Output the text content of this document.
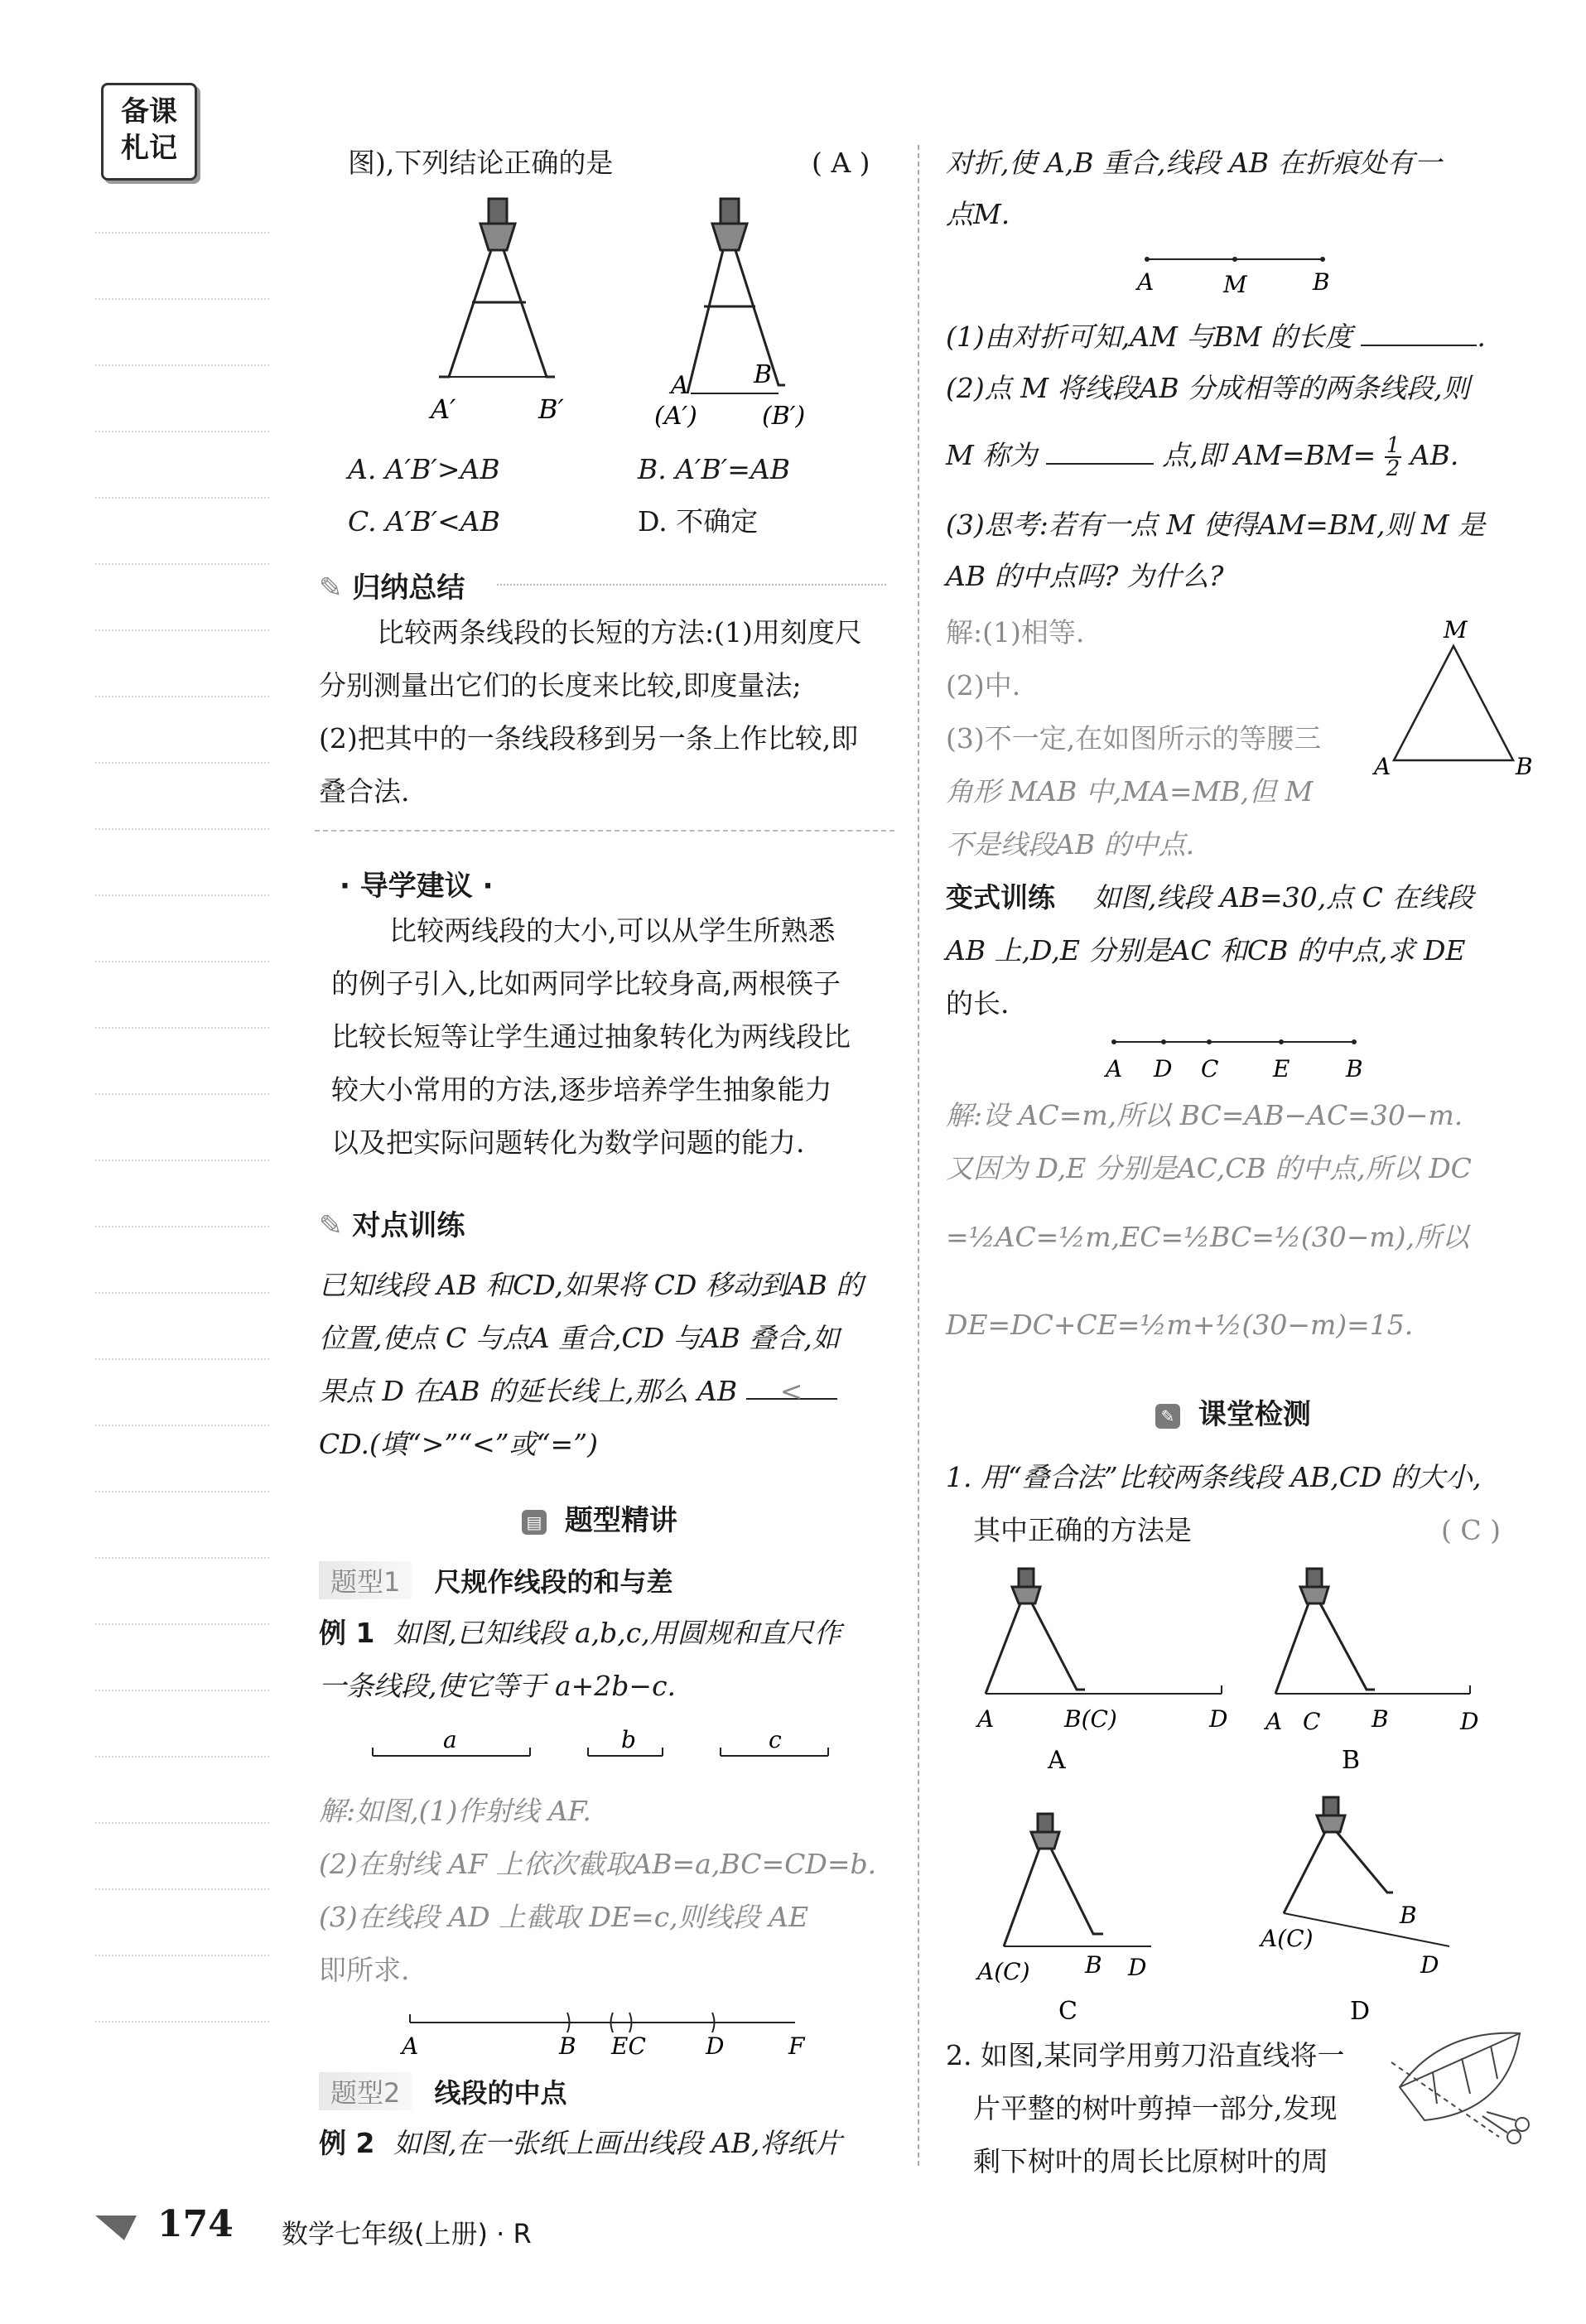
备课札记	图),下列结论正确的是	( A )
A′	B′
A	B
(A′)	(B′)
A. A′B′>AB	B. A′B′=AB
C. A′B′<AB	D. 不确定
✎ 归纳总结
比较两条线段的长短的方法:(1)用刻度尺
分别测量出它们的长度来比较,即度量法;
(2)把其中的一条线段移到另一条上作比较,即
叠合法.
· 导学建议 ·
比较两线段的大小,可以从学生所熟悉
的例子引入,比如两同学比较身高,两根筷子
比较长短等让学生通过抽象转化为两线段比
较大小常用的方法,逐步培养学生抽象能力
以及把实际问题转化为数学问题的能力.
✎ 对点训练
已知线段 AB 和CD,如果将 CD 移动到AB 的
位置,使点 C 与点A 重合,CD 与AB 叠合,如
果点 D 在AB 的延长线上,那么 AB <
CD.(填“>”“<”或“=”)
▤ 题型精讲
题型1 尺规作线段的和与差
例 1 如图,已知线段 a,b,c,用圆规和直尺作
一条线段,使它等于 a+2b−c.
a	b	c
解:如图,(1)作射线 AF.
(2)在射线 AF 上依次截取AB=a,BC=CD=b.
(3)在线段 AD 上截取 DE=c,则线段 AE
即所求.
A	B EC	D	F
题型2 线段的中点
例 2 如图,在一张纸上画出线段 AB,将纸片
对折,使 A,B 重合,线段 AB 在折痕处有一
点M.
A	M	B
(1)由对折可知,AM 与BM 的长度	.
(2)点 M 将线段AB 分成相等的两条线段,则
M 称为	点,即 $AM=BM= \frac{1}{2}$ AB.
(3)思考:若有一点 M 使得AM=BM,则 M 是
AB 的中点吗? 为什么?
解:(1)相等.
(2)中.
(3)不一定,在如图所示的等腰三
角形 MAB 中,MA=MB,但 M
不是线段AB 的中点.
M
A	B
变式训练 如图,线段 AB=30,点 C 在线段
AB 上,D,E 分别是AC 和CB 的中点,求 DE
的长.
A D C E B
解:设 AC=m,所以 BC=AB−AC=30−m.
又因为 D,E 分别是AC,CB 的中点,所以 DC
=½AC=½m,EC=½BC=½(30−m),所以
DE=DC+CE=½m+½(30−m)=15.
✎ 课堂检测
1. 用“叠合法”比较两条线段 AB,CD 的大小,
其中正确的方法是	( C )
A	B(C)	D
A
A C B	D
B
A(C) B D
C
A(C)
B
D
D
2. 如图,某同学用剪刀沿直线将一
片平整的树叶剪掉一部分,发现
剩下树叶的周长比原树叶的周
174 数学七年级(上册) · R
